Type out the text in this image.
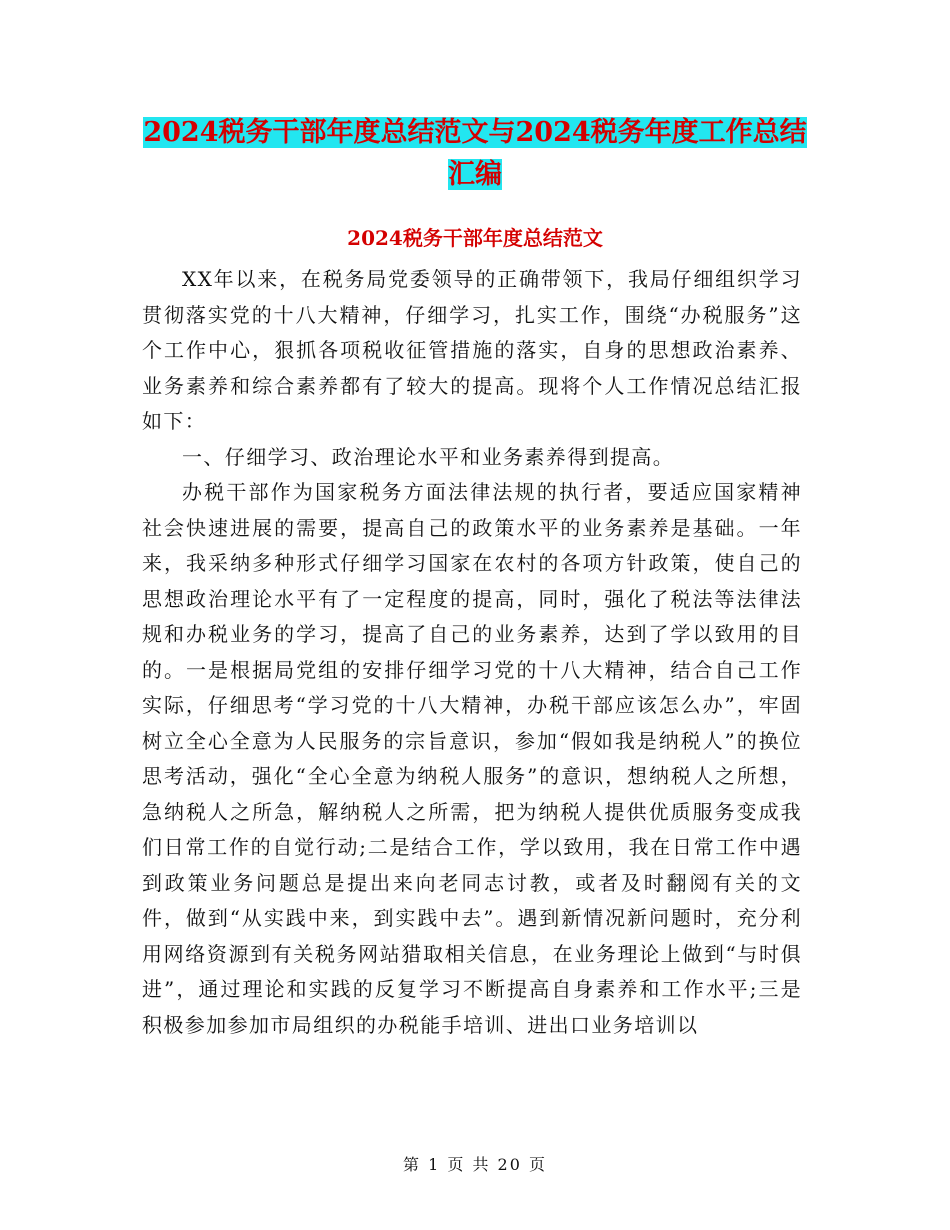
2024税务干部年度总结范文与2024税务年度工作总结
汇编
2024税务干部年度总结范文

XX年以来，在税务局党委领导的正确带领下，我局仔细组织学习贯彻落实党的十八大精神，仔细学习，扎实工作，围绕“办税服务”这个工作中心，狠抓各项税收征管措施的落实，自身的思想政治素养、业务素养和综合素养都有了较大的提高。现将个人工作情况总结汇报如下：

一、仔细学习、政治理论水平和业务素养得到提高。

办税干部作为国家税务方面法律法规的执行者，要适应国家精神社会快速进展的需要，提高自己的政策水平的业务素养是基础。一年来，我采纳多种形式仔细学习国家在农村的各项方针政策，使自己的思想政治理论水平有了一定程度的提高，同时，强化了税法等法律法规和办税业务的学习，提高了自己的业务素养，达到了学以致用的目的。一是根据局党组的安排仔细学习党的十八大精神，结合自己工作实际，仔细思考“学习党的十八大精神，办税干部应该怎么办”，牢固树立全心全意为人民服务的宗旨意识，参加“假如我是纳税人”的换位思考活动，强化“全心全意为纳税人服务”的意识，想纳税人之所想，急纳税人之所急，解纳税人之所需，把为纳税人提供优质服务变成我们日常工作的自觉行动;二是结合工作，学以致用，我在日常工作中遇到政策业务问题总是提出来向老同志讨教，或者及时翻阅有关的文件，做到“从实践中来，到实践中去”。遇到新情况新问题时，充分利用网络资源到有关税务网站猎取相关信息，在业务理论上做到“与时俱进”，通过理论和实践的反复学习不断提高自身素养和工作水平;三是积极参加参加市局组织的办税能手培训、进出口业务培训以

第 1 页 共 20 页
